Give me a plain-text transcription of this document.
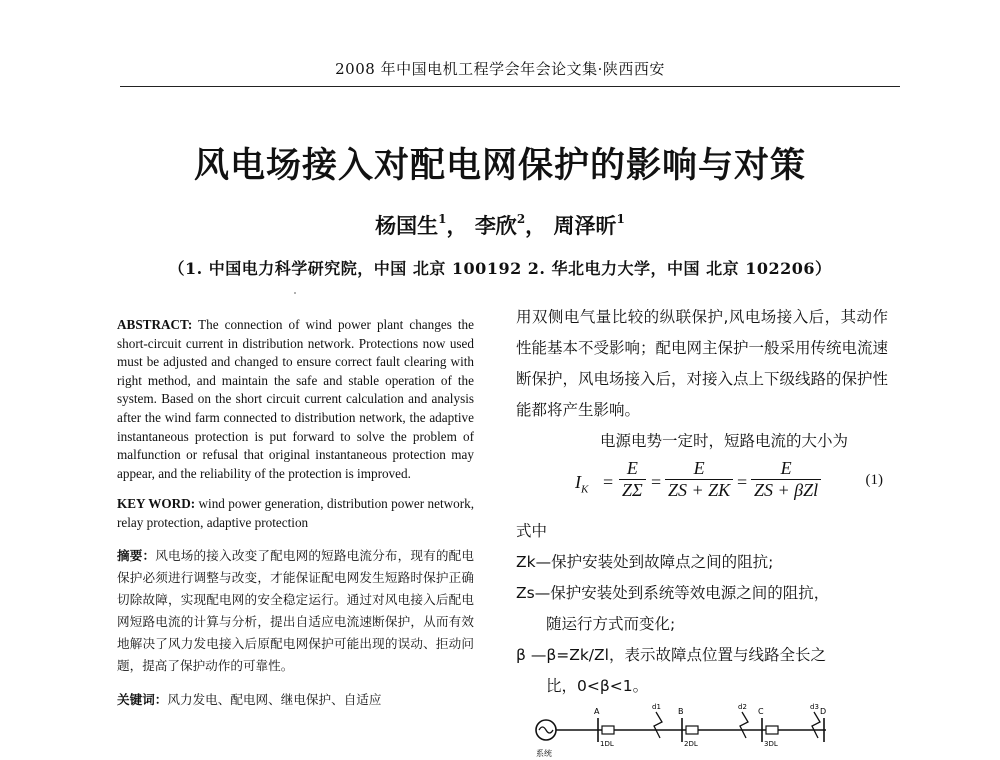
2008 年中国电机工程学会年会论文集·陕西西安
风电场接入对配电网保护的影响与对策
杨国生$^1$， 李欣$^2$， 周泽昕$^1$
（1. 中国电力科学研究院，中国 北京 100192 2. 华北电力大学，中国 北京 102206）

ABSTRACT: The connection of wind power plant changes the short-circuit current in distribution network. Protections now used must be adjusted and changed to ensure correct fault clearing with right method, and maintain the safe and stable operation of the system. Based on the short circuit current calculation and analysis after the wind farm connected to distribution network, the adaptive instantaneous protection is put forward to solve the problem of malfunction or refusal that original instantaneous protection may appear, and the reliability of the protection is improved.

KEY WORD: wind power generation, distribution power network, relay protection, adaptive protection

摘要：风电场的接入改变了配电网的短路电流分布，现有的配电保护必须进行调整与改变，才能保证配电网发生短路时保护正确切除故障，实现配电网的安全稳定运行。通过对风电接入后配电网短路电流的计算与分析，提出自适应电流速断保护，从而有效地解决了风力发电接入后原配电网保护可能出现的误动、拒动问题，提高了保护动作的可靠性。

关键词：风力发电、配电网、继电保护、自适应

用双侧电气量比较的纵联保护,风电场接入后，其动作性能基本不受影响；配电网主保护一般采用传统电流速断保护，风电场接入后，对接入点上下级线路的保护性能都将产生影响。

电源电势一定时，短路电流的大小为

$I_K = \frac{E}{Z\Sigma} = \frac{E}{ZS + ZK}$ =
E
ZS + βZl	(1)

式中

Zk—保护安装处到故障点之间的阻抗;

Zs—保护安装处到系统等效电源之间的阻抗，

随运行方式而变化;

β —β=Zk/Zl，表示故障点位置与线路全长之

比，0<β<1。

系统
A	B	C	D
1DL	2DL	3DL
d1	d2	d3
